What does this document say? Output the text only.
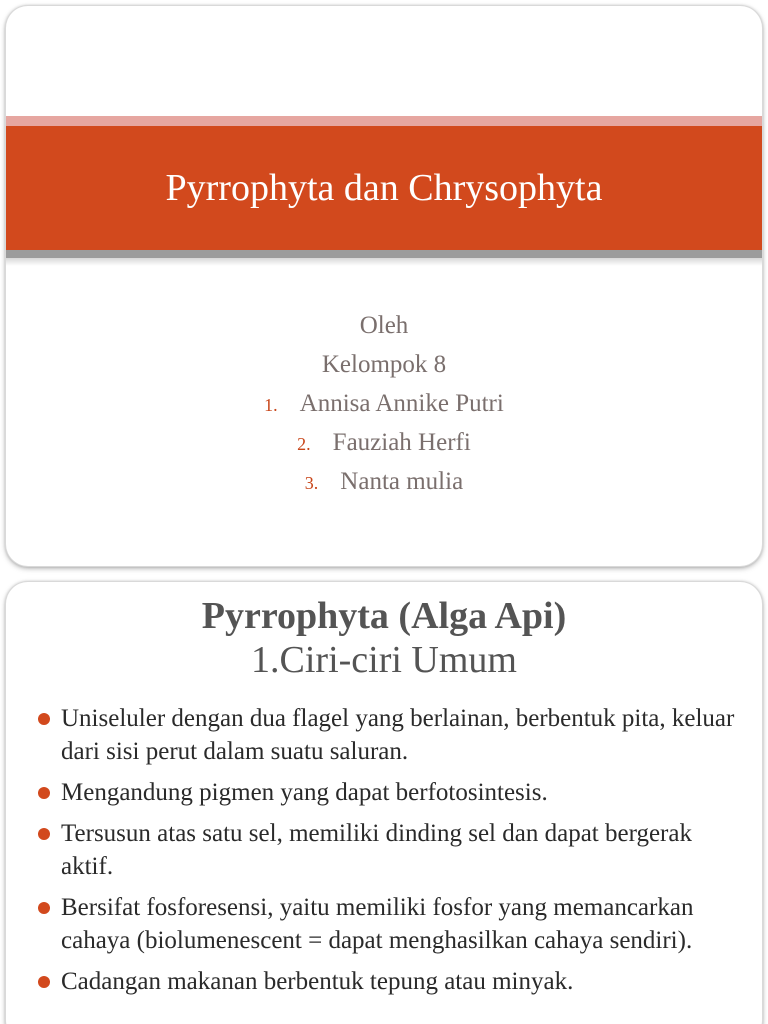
Pyrrophyta dan Chrysophyta
Oleh
Kelompok 8
1. Annisa Annike Putri
2. Fauziah Herfi
3. Nanta mulia
Pyrrophyta (Alga Api)
1.Ciri-ciri Umum
Uniseluler dengan dua flagel yang berlainan, berbentuk pita, keluar dari sisi perut dalam suatu saluran.
Mengandung pigmen yang dapat berfotosintesis.
Tersusun atas satu sel, memiliki dinding sel dan dapat bergerak aktif.
Bersifat fosforesensi, yaitu memiliki fosfor yang memancarkan cahaya (biolumenescent = dapat menghasilkan cahaya sendiri).
Cadangan makanan berbentuk tepung atau minyak.
